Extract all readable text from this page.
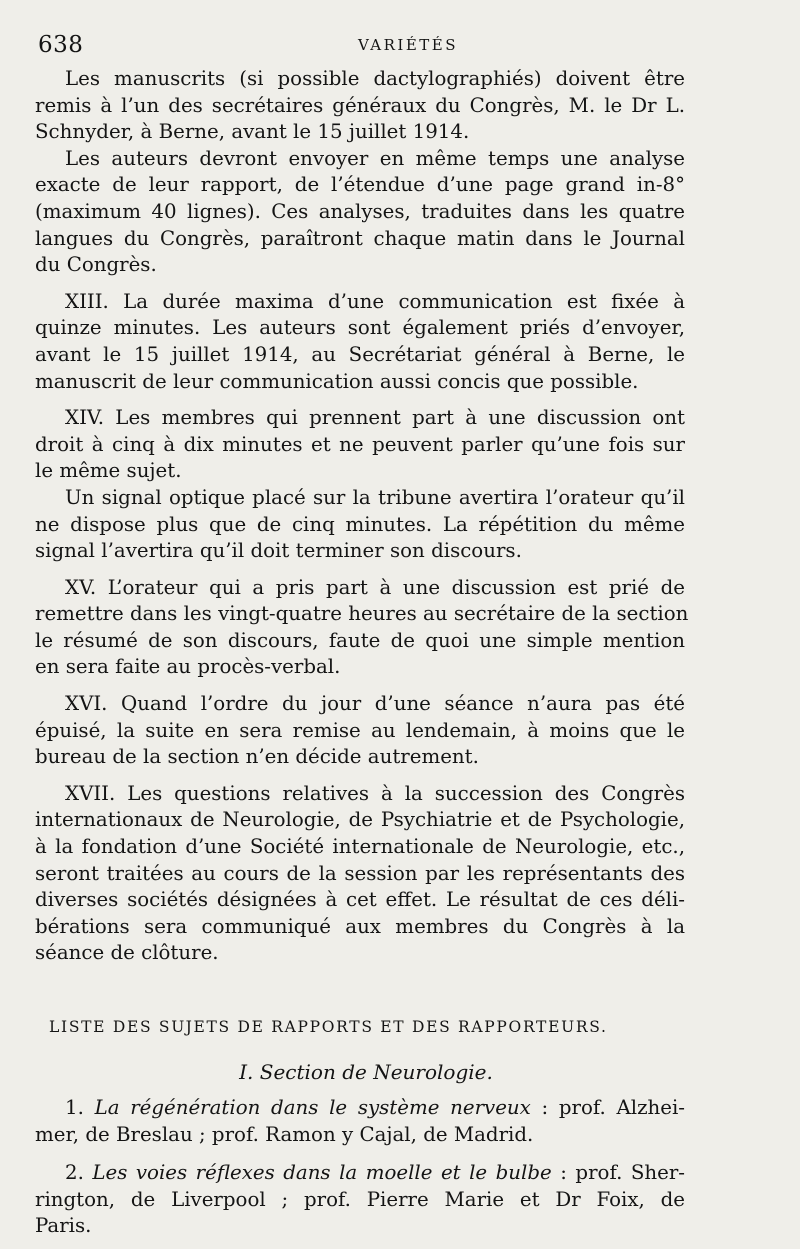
638	VARIÉTÉS
Les manuscrits (si possible dactylographiés) doivent être
remis à l’un des secrétaires généraux du Congrès, M. le Dr L.
Schnyder, à Berne, avant le 15 juillet 1914.
Les auteurs devront envoyer en même temps une analyse
exacte de leur rapport, de l’étendue d’une page grand in-8°
(maximum 40 lignes). Ces analyses, traduites dans les quatre
langues du Congrès, paraîtront chaque matin dans le Journal
du Congrès.
XIII. La durée maxima d’une communication est fixée à
quinze minutes. Les auteurs sont également priés d’envoyer,
avant le 15 juillet 1914, au Secrétariat général à Berne, le
manuscrit de leur communication aussi concis que possible.
XIV. Les membres qui prennent part à une discussion ont
droit à cinq à dix minutes et ne peuvent parler qu’une fois sur
le même sujet.
Un signal optique placé sur la tribune avertira l’orateur qu’il
ne dispose plus que de cinq minutes. La répétition du même
signal l’avertira qu’il doit terminer son discours.
XV. L’orateur qui a pris part à une discussion est prié de
remettre dans les vingt-quatre heures au secrétaire de la section
le résumé de son discours, faute de quoi une simple mention
en sera faite au procès-verbal.
XVI. Quand l’ordre du jour d’une séance n’aura pas été
épuisé, la suite en sera remise au lendemain, à moins que le
bureau de la section n’en décide autrement.
XVII. Les questions relatives à la succession des Congrès
internationaux de Neurologie, de Psychiatrie et de Psychologie,
à la fondation d’une Société internationale de Neurologie, etc.,
seront traitées au cours de la session par les représentants des
diverses sociétés désignées à cet effet. Le résultat de ces déli-
bérations sera communiqué aux membres du Congrès à la
séance de clôture.
LISTE DES SUJETS DE RAPPORTS ET DES RAPPORTEURS.
I. Section de Neurologie.
1. La régénération dans le système nerveux : prof. Alzhei-
mer, de Breslau ; prof. Ramon y Cajal, de Madrid.
2. Les voies réflexes dans la moelle et le bulbe : prof. Sher-
rington, de Liverpool ; prof. Pierre Marie et Dr Foix, de
Paris.
